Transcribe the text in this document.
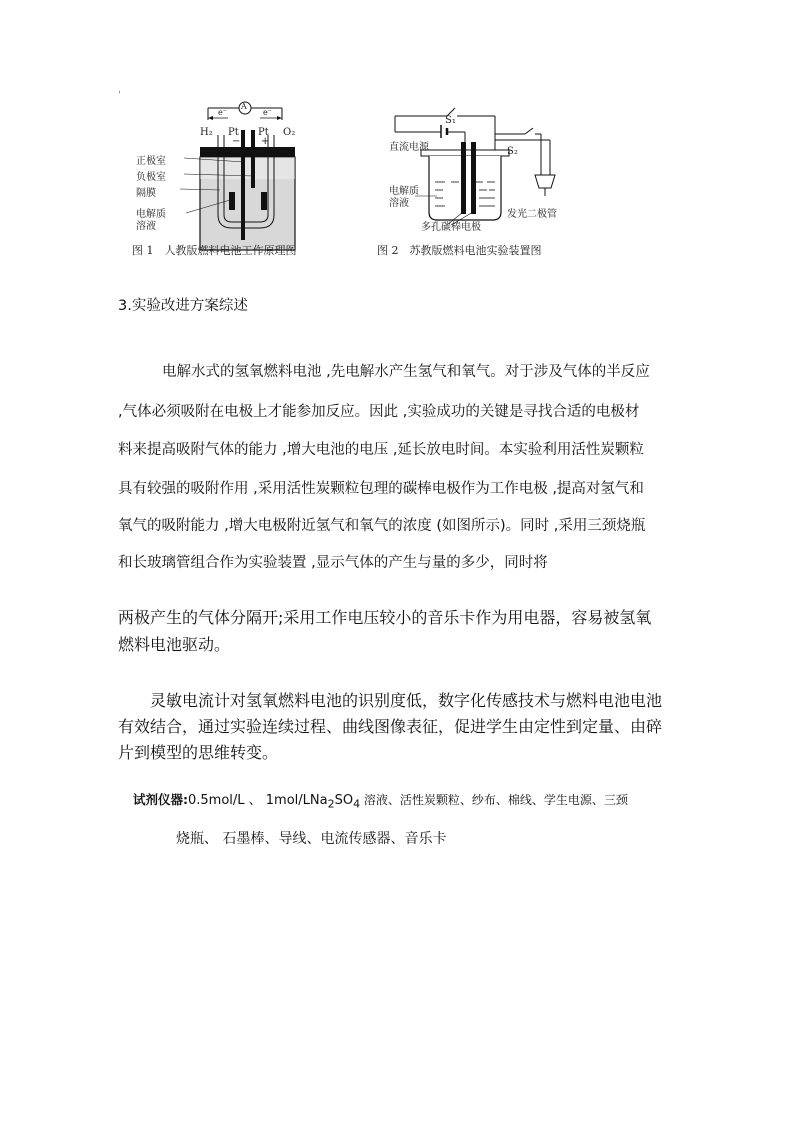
ˌ
A
e⁻	e⁻
H₂ Pt
−
Pt
+
O₂
正极室
负极室
隔膜
电解质
溶液
图 1　人教版燃料电池工作原理图
S₁
直流电源	S₂
电解质
溶液
多孔碳棒电极
发光二极管
图 2　苏教版燃料电池实验装置图
3.实验改进方案综述
电解水式的氢氧燃料电池 ,先电解水产生氢气和氧气。对于涉及气体的半反应
,气体必须吸附在电极上才能参加反应。因此 ,实验成功的关键是寻找合适的电极材
料来提高吸附气体的能力 ,增大电池的电压 ,延长放电时间。本实验利用活性炭颗粒
具有较强的吸附作用 ,采用活性炭颗粒包理的碳棒电极作为工作电极 ,提高对氢气和
氧气的吸附能力 ,增大电极附近氢气和氧气的浓度 (如图所示)。同时 ,采用三颈烧瓶
和长玻璃管组合作为实验装置 ,显示气体的产生与量的多少，同时将
两极产生的气体分隔开;采用工作电压较小的音乐卡作为用电器，容易被氢氧
燃料电池驱动。
灵敏电流计对氢氧燃料电池的识别度低，数字化传感技术与燃料电池电池
有效结合，通过实验连续过程、曲线图像表征，促进学生由定性到定量、由碎
片到模型的思维转变。
试剂仪器:0.5mol/L 、 $1mol/LNa_2SO_4$ 溶液、活性炭颗粒、纱布、棉线、学生电源、三颈
烧瓶、 石墨棒、导线、电流传感器、音乐卡
